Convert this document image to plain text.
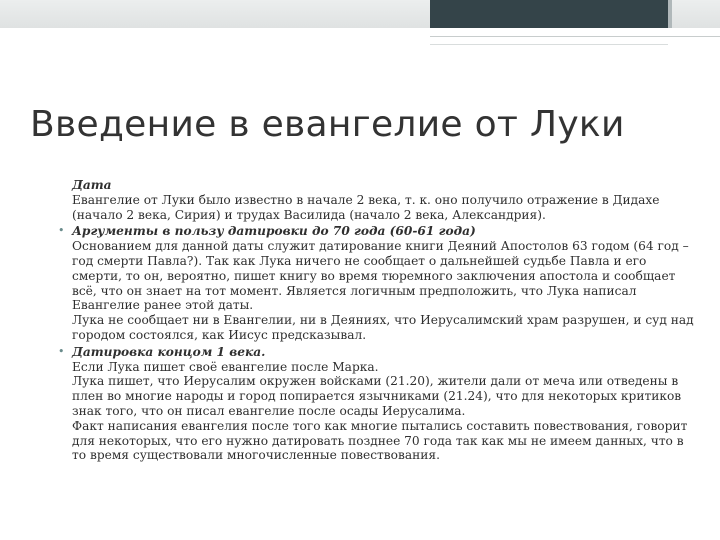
Введение в евангелие от Луки
Дата
Евангелие от Луки было известно в начале 2 века, т. к. оно получило отражение в Дидахе (начало 2 века, Сирия) и трудах Василида (начало 2 века, Александрия).
• Аргументы в пользу датировки до 70 года (60-61 года)
Основанием для данной даты служит датирование книги Деяний Апостолов 63 годом (64 год – год смерти Павла?). Так как Лука ничего не сообщает о дальнейшей судьбе Павла и его смерти, то он, вероятно, пишет книгу во время тюремного заключения апостола и сообщает всё, что он знает на тот момент. Является логичным предположить, что Лука написал Евангелие ранее этой даты.
Лука не сообщает ни в Евангелии, ни в Деяниях, что Иерусалимский храм разрушен, и суд над городом состоялся, как Иисус предсказывал.
• Датировка концом 1 века.
Если Лука пишет своё евангелие после Марка.
Лука пишет, что Иерусалим окружен войсками (21.20), жители дали от меча или отведены в плен во многие народы и город попирается язычниками (21.24), что для некоторых критиков знак того, что он писал евангелие после осады Иерусалима.
Факт написания евангелия после того как многие пытались составить повествования, говорит для некоторых, что его нужно датировать позднее 70 года так как мы не имеем данных, что в то время существовали многочисленные повествования.
